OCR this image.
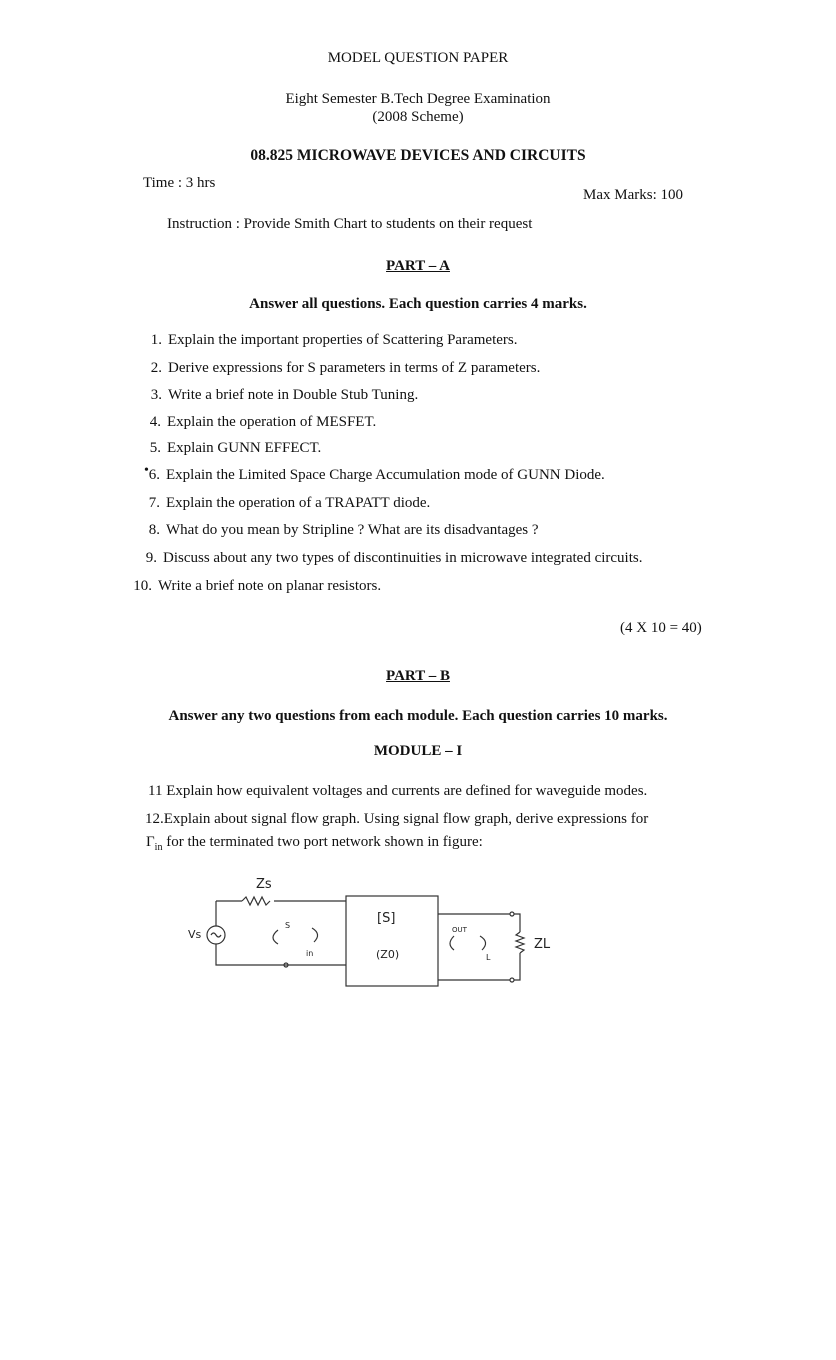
MODEL QUESTION PAPER
Eight Semester B.Tech Degree Examination
(2008 Scheme)
08.825 MICROWAVE DEVICES AND CIRCUITS
Time : 3 hrs
Max Marks: 100
Instruction : Provide Smith Chart to students on their request
PART – A
Answer all questions. Each question carries 4 marks.
1. Explain the important properties of Scattering Parameters.
2. Derive expressions for S parameters in terms of Z parameters.
3. Write a brief note in Double Stub Tuning.
4. Explain the operation of MESFET.
5. Explain GUNN EFFECT.
• 6. Explain the Limited Space Charge Accumulation mode of GUNN Diode.
7. Explain the operation of a TRAPATT diode.
8. What do you mean by Stripline ? What are its disadvantages ?
9. Discuss about any two types of discontinuities in microwave integrated circuits.
10. Write a brief note on planar resistors.
(4 X 10 = 40)
PART – B
Answer any two questions from each module. Each question carries 10 marks.
MODULE – I
11 Explain how equivalent voltages and currents are defined for waveguide modes.
12.Explain about signal flow graph. Using signal flow graph, derive expressions for
$\Gamma_{in}$ for the terminated two port network shown in figure:
Zs
Vs
S
in
[S]
(Z0)
OUT
L
ZL
